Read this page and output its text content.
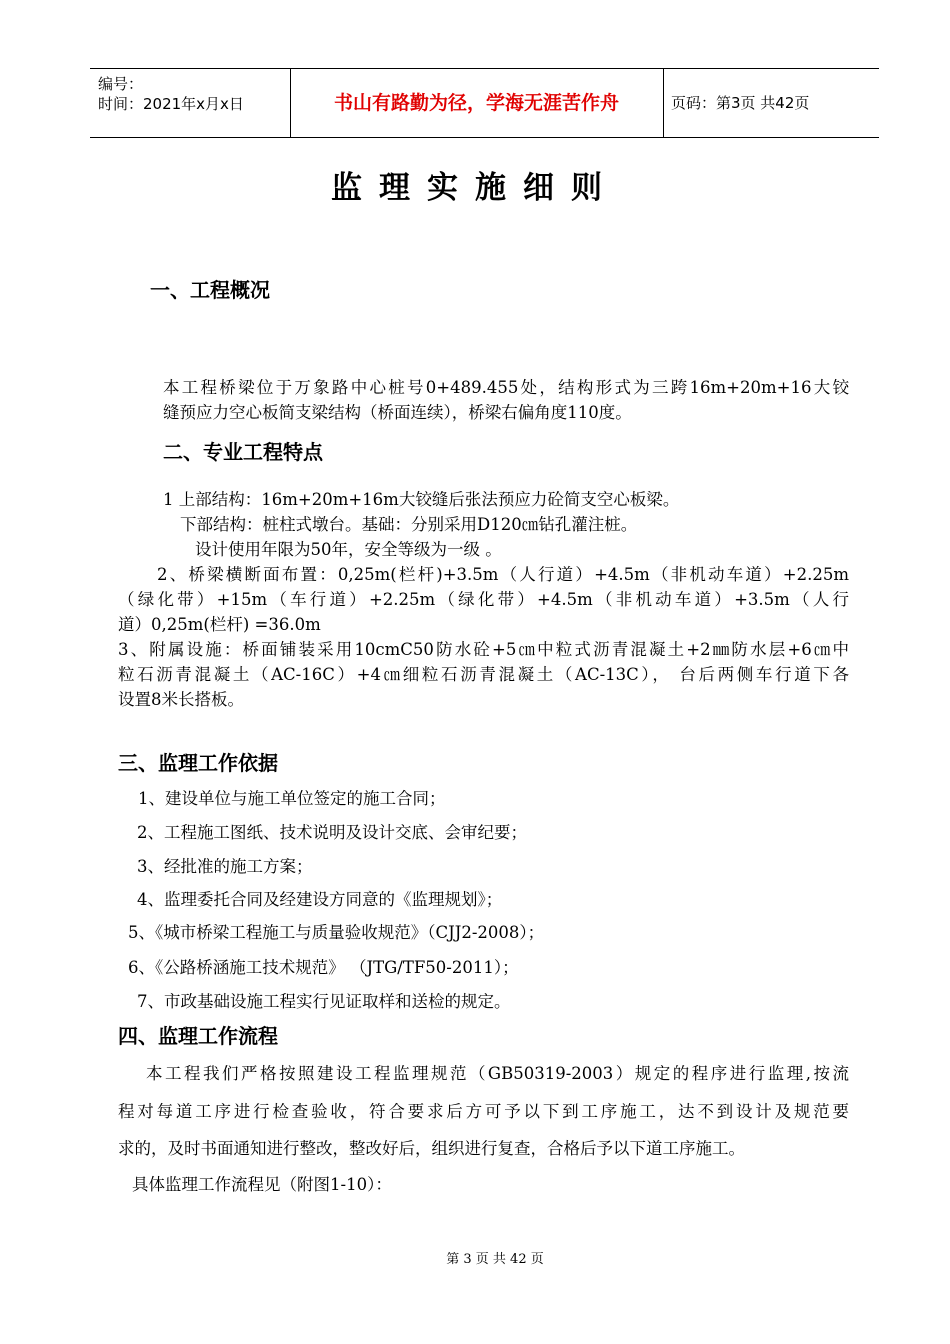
编号：
时间：2021年x月x日	书山有路勤为径，学海无涯苦作舟	页码：第3页 共42页
监理实施细则
一、工程概况
本工程桥梁位于万象路中心桩号0+489.455处，结构形式为三跨16m+20m+16大铰
缝预应力空心板简支梁结构（桥面连续），桥梁右偏角度110度。
二、专业工程特点
1 上部结构：16m+20m+16m大铰缝后张法预应力砼简支空心板梁。
下部结构：桩柱式墩台。基础：分别采用D120㎝钻孔灌注桩。
设计使用年限为50年，安全等级为一级 。
2、桥梁横断面布置：0,25m(栏杆)+3.5m（人行道）+4.5m（非机动车道）+2.25m
（绿化带）+15m（车行道）+2.25m（绿化带）+4.5m（非机动车道）+3.5m（人行
道）0,25m(栏杆) =36.0m
3、附属设施：桥面铺装采用10cmC50防水砼+5㎝中粒式沥青混凝土+2㎜防水层+6㎝中
粒石沥青混凝土（AC-16C）+4㎝细粒石沥青混凝土（AC-13C）， 台后两侧车行道下各
设置8米长搭板。
三、监理工作依据
1、建设单位与施工单位签定的施工合同；
2、工程施工图纸、技术说明及设计交底、会审纪要；
3、经批准的施工方案；
4、监理委托合同及经建设方同意的《监理规划》；
5、《城市桥梁工程施工与质量验收规范》（CJJ2-2008）；
6、《公路桥涵施工技术规范》 （JTG/TF50-2011）；
7、市政基础设施工程实行见证取样和送检的规定。
四、监理工作流程
本工程我们严格按照建设工程监理规范（GB50319-2003）规定的程序进行监理,按流
程对每道工序进行检查验收，符合要求后方可予以下到工序施工，达不到设计及规范要
求的，及时书面通知进行整改，整改好后，组织进行复查，合格后予以下道工序施工。
具体监理工作流程见（附图1-10）：
第 3 页 共 42 页
